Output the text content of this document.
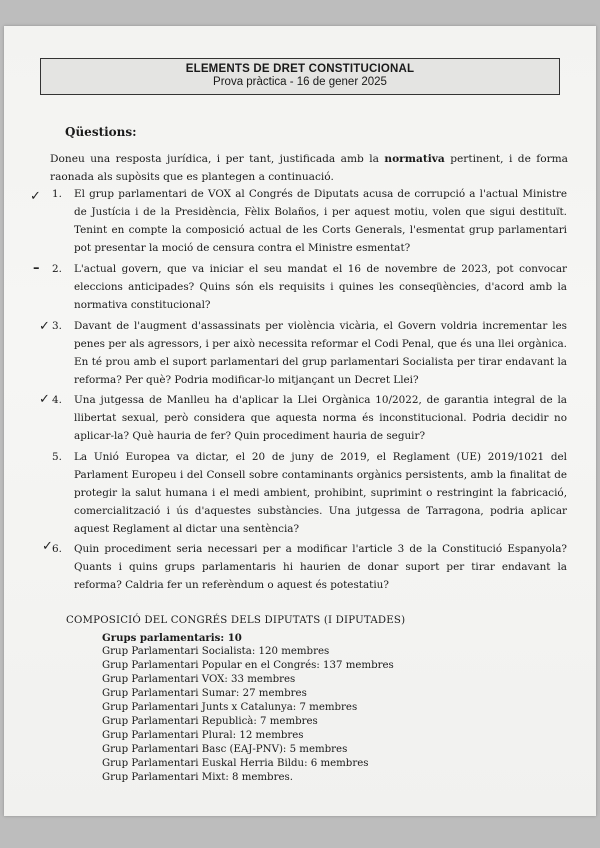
ELEMENTS DE DRET CONSTITUCIONAL
Prova pràctica - 16 de gener 2025
Qüestions:
Doneu una resposta jurídica, i per tant, justificada amb la normativa pertinent, i de forma raonada als supòsits que es plantegen a continuació.
✓
–
✓
✓
✓
1. El grup parlamentari de VOX al Congrés de Diputats acusa de corrupció a l'actual Ministre de Justícia i de la Presidència, Fèlix Bolaños, i per aquest motiu, volen que sigui destituït. Tenint en compte la composició actual de les Corts Generals, l'esmentat grup parlamentari pot presentar la moció de censura contra el Ministre esmentat?
2. L'actual govern, que va iniciar el seu mandat el 16 de novembre de 2023, pot convocar eleccions anticipades? Quins són els requisits i quines les conseqüències, d'acord amb la normativa constitucional?
3. Davant de l'augment d'assassinats per violència vicària, el Govern voldria incrementar les penes per als agressors, i per això necessita reformar el Codi Penal, que és una llei orgànica. En té prou amb el suport parlamentari del grup parlamentari Socialista per tirar endavant la reforma? Per què? Podria modificar-lo mitjançant un Decret Llei?
4. Una jutgessa de Manlleu ha d'aplicar la Llei Orgànica 10/2022, de garantia integral de la llibertat sexual, però considera que aquesta norma és inconstitucional. Podria decidir no aplicar-la? Què hauria de fer? Quin procediment hauria de seguir?
5. La Unió Europea va dictar, el 20 de juny de 2019, el Reglament (UE) 2019/1021 del Parlament Europeu i del Consell sobre contaminants orgànics persistents, amb la finalitat de protegir la salut humana i el medi ambient, prohibint, suprimint o restringint la fabricació, comercialització i ús d'aquestes substàncies. Una jutgessa de Tarragona, podria aplicar aquest Reglament al dictar una sentència?
6. Quin procediment seria necessari per a modificar l'article 3 de la Constitució Espanyola? Quants i quins grups parlamentaris hi haurien de donar suport per tirar endavant la reforma? Caldria fer un referèndum o aquest és potestatiu?
COMPOSICIÓ DEL CONGRÉS DELS DIPUTATS (I DIPUTADES)
Grups parlamentaris: 10
Grup Parlamentari Socialista: 120 membres
Grup Parlamentari Popular en el Congrés: 137 membres
Grup Parlamentari VOX: 33 membres
Grup Parlamentari Sumar: 27 membres
Grup Parlamentari Junts x Catalunya: 7 membres
Grup Parlamentari Republicà: 7 membres
Grup Parlamentari Plural: 12 membres
Grup Parlamentari Basc (EAJ-PNV): 5 membres
Grup Parlamentari Euskal Herria Bildu: 6 membres
Grup Parlamentari Mixt: 8 membres.
